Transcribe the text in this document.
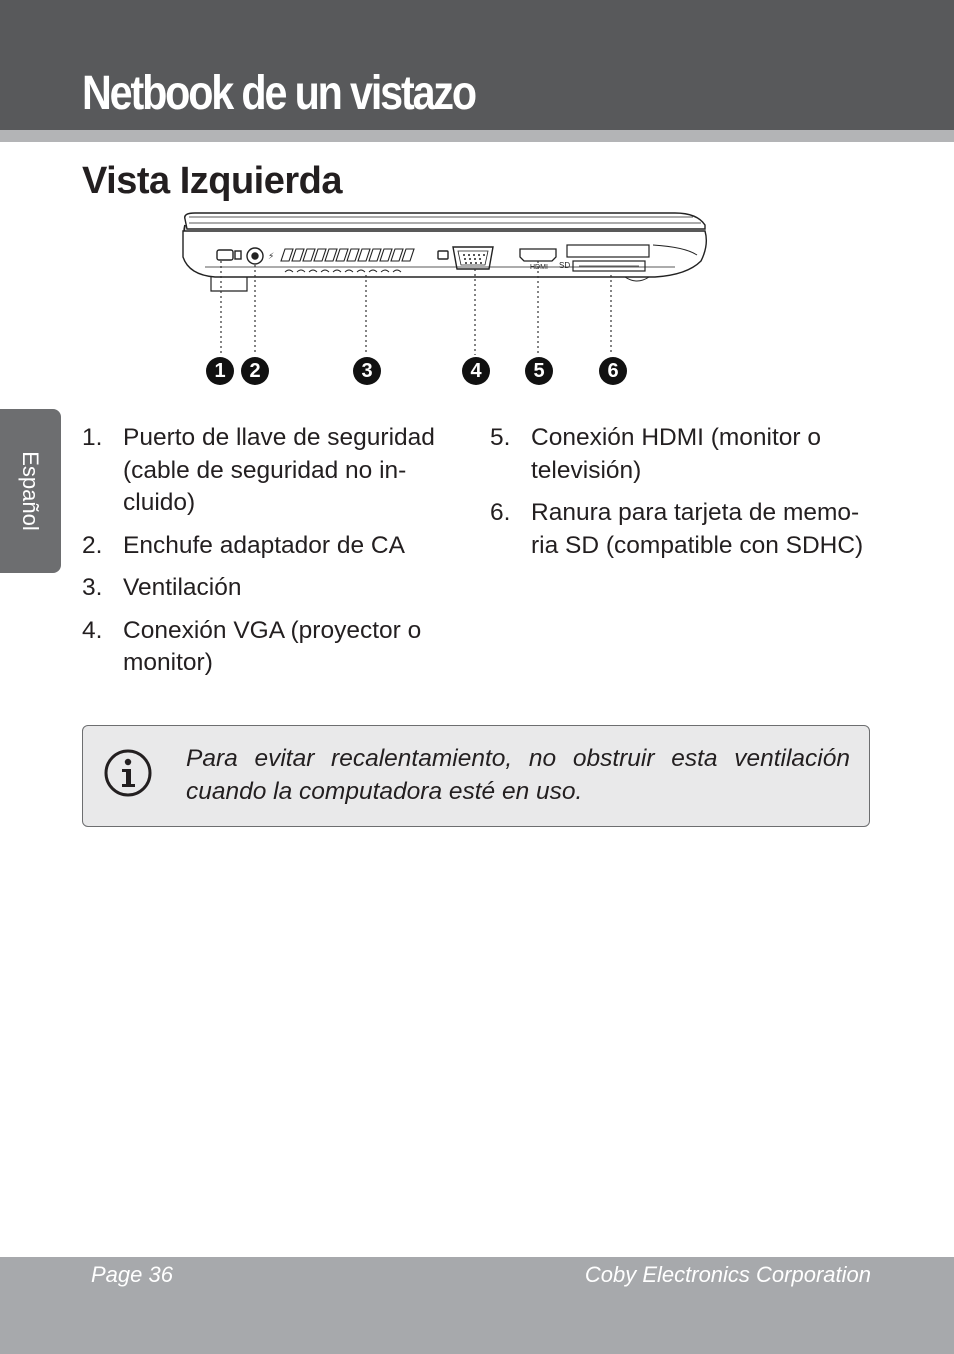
Netbook de un vistazo
Vista Izquierda
Español
⚡
SD
HDMI
1	2	3	4	5	6
1. Puerto de llave de seguridad (cable de seguridad no in-cluido)
2. Enchufe adaptador de CA
3. Ventilación
4. Conexión VGA (proyector o monitor)
5. Conexión HDMI (monitor o televisión)
6. Ranura para tarjeta de memo-ria SD (compatible con SDHC)

Para evitar recalentamiento, no obstruir esta ventilación cuando la computadora esté en uso.

Page 36	Coby Electronics Corporation
